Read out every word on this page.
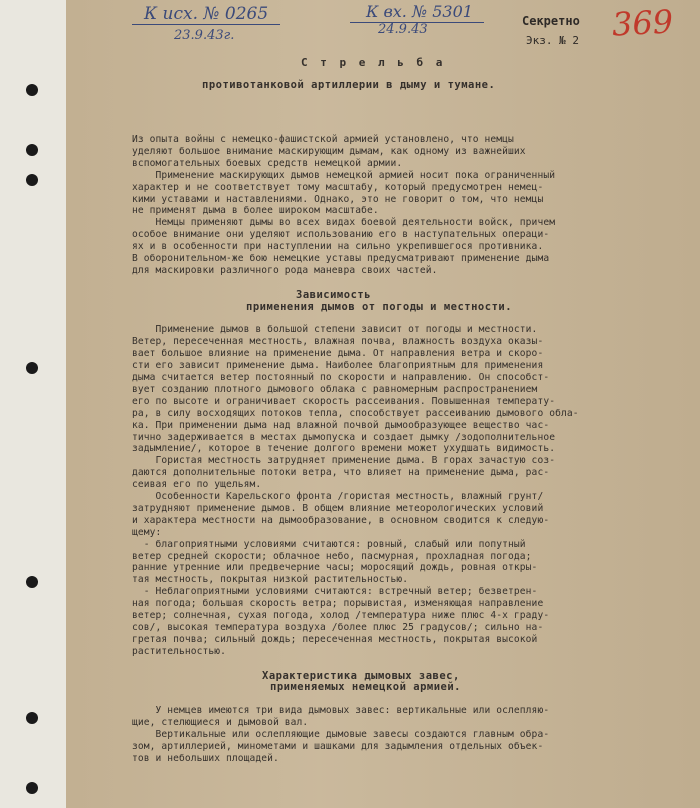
К исх. № 0265
23.9.43г.
К вх. № 5301
24.9.43
Секретно
Экз. № 2 369
С т р е л ь б а
противотанковой артиллерии в дыму и тумане.
Из опыта войны с немецко-фашистской армией установлено, что немцы
уделяют большое внимание маскирующим дымам, как одному из важнейших
вспомогательных боевых средств немецкой армии.
Применение маскирующих дымов немецкой армией носит пока ограниченный
характер и не соответствует тому масштабу, который предусмотрен немец-
кими уставами и наставлениями. Однако, это не говорит о том, что немцы
не применят дыма в более широком масштабе.
Немцы применяют дымы во всех видах боевой деятельности войск, причем
особое внимание они уделяют использованию его в наступательных операци-
ях и в особенности при наступлении на сильно укрепившегося противника.
В оборонительном-же бою немецкие уставы предусматривают применение дыма
для маскировки различного рода маневра своих частей.
Зависимость
применения дымов от погоды и местности.
Применение дымов в большой степени зависит от погоды и местности.
Ветер, пересеченная местность, влажная почва, влажность воздуха оказы-
вает большое влияние на применение дыма. От направления ветра и скоро-
сти его зависит применение дыма. Наиболее благоприятным для применения
дыма считается ветер постоянный по скорости и направлению. Он способст-
вует созданию плотного дымового облака с равномерным распространением
его по высоте и ограничивает скорость рассеивания. Повышенная температу-
ра, в силу восходящих потоков тепла, способствует рассеиванию дымового обла-
ка. При применении дыма над влажной почвой дымообразующее вещество час-
тично задерживается в местах дымопуска и создает дымку /зодополнительное
задымление/, которое в течение долгого времени может ухудшать видимость.
Гористая местность затрудняет применение дыма. В горах зачастую соз-
даются дополнительные потоки ветра, что влияет на применение дыма, рас-
сеивая его по ущельям.
Особенности Карельского фронта /гористая местность, влажный грунт/
затрудняют применение дымов. В общем влияние метеорологических условий
и характера местности на дымообразование, в основном сводится к следую-
щему:
- благоприятными условиями считаются: ровный, слабый или попутный
ветер средней скорости; облачное небо, пасмурная, прохладная погода;
ранние утренние или предвечерние часы; моросящий дождь, ровная откры-
тая местность, покрытая низкой растительностью.
- Неблагоприятными условиями считаются: встречный ветер; безветрен-
ная погода; большая скорость ветра; порывистая, изменяющая направление
ветер; солнечная, сухая погода, холод /температура ниже плюс 4-х граду-
сов/, высокая температура воздуха /более плюс 25 градусов/; сильно на-
гретая почва; сильный дождь; пересеченная местность, покрытая высокой
растительностью.
Характеристика дымовых завес,
применяемых немецкой армией.
У немцев имеются три вида дымовых завес: вертикальные или ослепляю-
щие, стелющиеся и дымовой вал.
Вертикальные или ослепляющие дымовые завесы создаются главным обра-
зом, артиллерией, минометами и шашками для задымления отдельных объек-
тов и небольших площадей.
